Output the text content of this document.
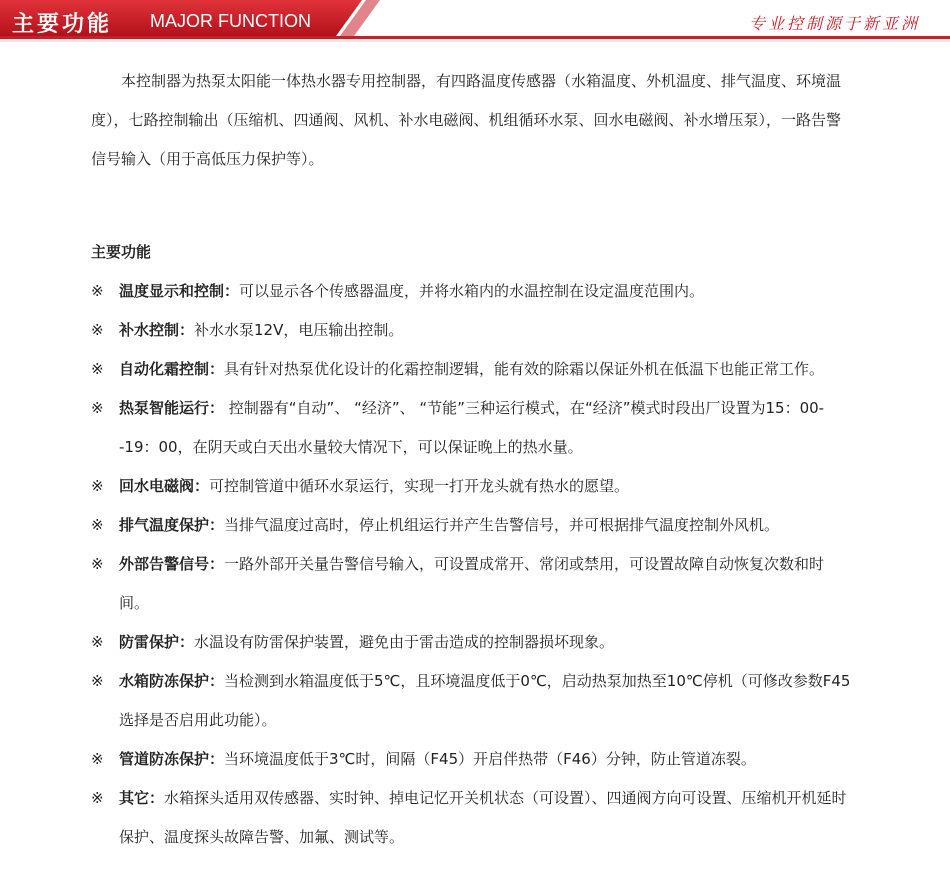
主要功能 MAJOR FUNCTION	专业控制源于新亚洲

本控制器为热泵太阳能一体热水器专用控制器，有四路温度传感器（水箱温度、外机温度、排气温度、环境温度），七路控制输出（压缩机、四通阀、风机、补水电磁阀、机组循环水泵、回水电磁阀、补水增压泵），一路告警信号输入（用于高低压力保护等）。

主要功能
※ 温度显示和控制：可以显示各个传感器温度，并将水箱内的水温控制在设定温度范围内。
※ 补水控制：补水水泵12V，电压输出控制。
※ 自动化霜控制：具有针对热泵优化设计的化霜控制逻辑，能有效的除霜以保证外机在低温下也能正常工作。
※ 热泵智能运行： 控制器有“自动”、 “经济”、 “节能”三种运行模式，在“经济”模式时段出厂设置为15：00--19：00，在阴天或白天出水量较大情况下，可以保证晚上的热水量。
※ 回水电磁阀：可控制管道中循环水泵运行，实现一打开龙头就有热水的愿望。
※ 排气温度保护：当排气温度过高时，停止机组运行并产生告警信号，并可根据排气温度控制外风机。
※ 外部告警信号：一路外部开关量告警信号输入，可设置成常开、常闭或禁用，可设置故障自动恢复次数和时间。
※ 防雷保护：水温设有防雷保护装置，避免由于雷击造成的控制器损坏现象。
※ 水箱防冻保护：当检测到水箱温度低于5℃，且环境温度低于0℃，启动热泵加热至10℃停机（可修改参数F45选择是否启用此功能）。
※ 管道防冻保护：当环境温度低于3℃时，间隔（F45）开启伴热带（F46）分钟，防止管道冻裂。
※ 其它：水箱探头适用双传感器、实时钟、掉电记忆开关机状态（可设置）、四通阀方向可设置、压缩机开机延时保护、温度探头故障告警、加氟、测试等。
